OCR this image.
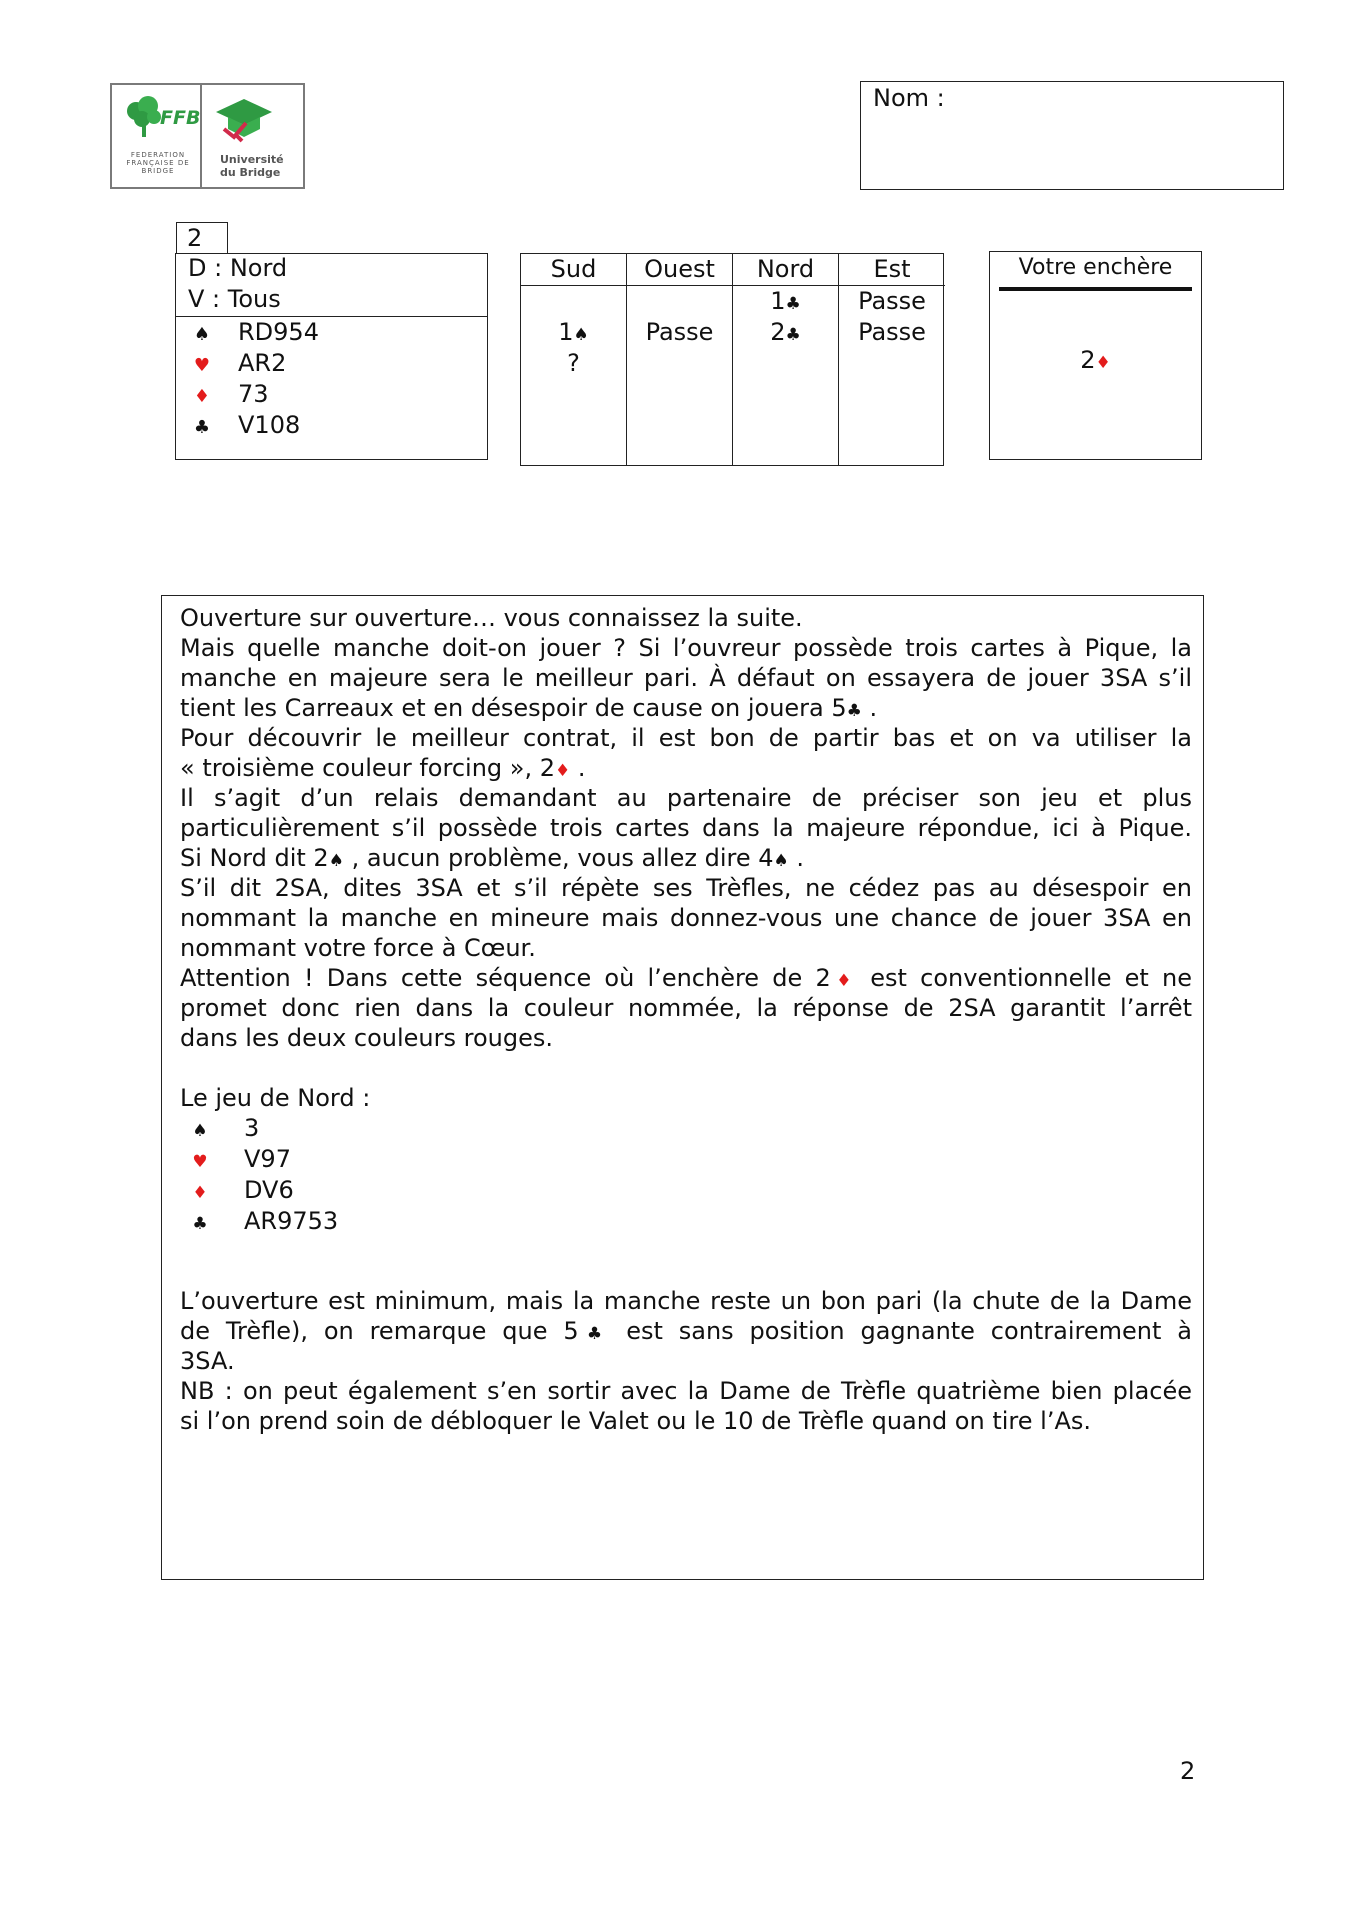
FFB
FEDERATION FRANÇAISE DE BRIDGE
Université du Bridge
Nom :
2
D : Nord
V : Tous
♠ RD954
♥ AR2
♦ 73
♣ V108
Sud
1♠
?
Ouest
Passe
Nord
1♣
2♣
Est
Passe
Passe
Votre enchère
2♦
Ouverture sur ouverture… vous connaissez la suite.
Mais quelle manche doit-on jouer ? Si l’ouvreur possède trois cartes à Pique, la
manche en majeure sera le meilleur pari. À défaut on essayera de jouer 3SA s’il
tient les Carreaux et en désespoir de cause on jouera 5♣ .
Pour découvrir le meilleur contrat, il est bon de partir bas et on va utiliser la
« troisième couleur forcing », 2♦ .
Il s’agit d’un relais demandant au partenaire de préciser son jeu et plus
particulièrement s’il possède trois cartes dans la majeure répondue, ici à Pique.
Si Nord dit 2♠ , aucun problème, vous allez dire 4♠ .
S’il dit 2SA, dites 3SA et s’il répète ses Trèfles, ne cédez pas au désespoir en
nommant la manche en mineure mais donnez-vous une chance de jouer 3SA en
nommant votre force à Cœur.
Attention ! Dans cette séquence où l’enchère de 2♦ est conventionnelle et ne
promet donc rien dans la couleur nommée, la réponse de 2SA garantit l’arrêt
dans les deux couleurs rouges.
Le jeu de Nord :
♠ 3
♥ V97
♦ DV6
♣ AR9753
L’ouverture est minimum, mais la manche reste un bon pari (la chute de la Dame
de Trèfle), on remarque que 5♣ est sans position gagnante contrairement à
3SA.
NB : on peut également s’en sortir avec la Dame de Trèfle quatrième bien placée
si l’on prend soin de débloquer le Valet ou le 10 de Trèfle quand on tire l’As.
2
